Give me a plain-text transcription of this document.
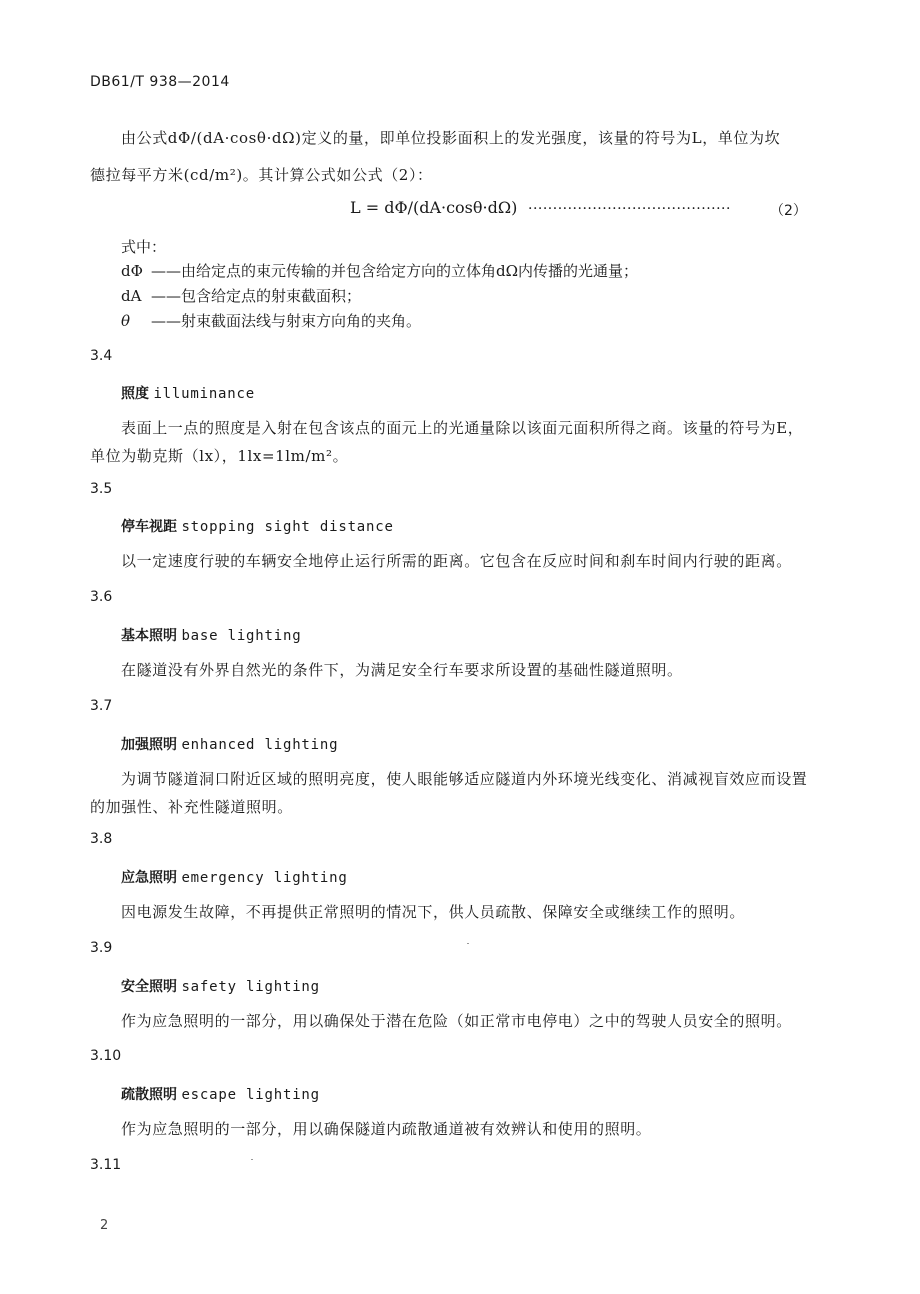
DB61/T 938—2014
由公式dΦ/(dA·cosθ·dΩ)定义的量，即单位投影面积上的发光强度，该量的符号为L，单位为坎
德拉每平方米(cd/m²)。其计算公式如公式（2）：
L = dΦ/(dA·cosθ·dΩ) ·········································	（2）
式中：
dΦ ——由给定点的束元传输的并包含给定方向的立体角dΩ内传播的光通量；
dA ——包含给定点的射束截面积；
θ ——射束截面法线与射束方向角的夹角。
3.4
照度 illuminance
表面上一点的照度是入射在包含该点的面元上的光通量除以该面元面积所得之商。该量的符号为E，单位为勒克斯（lx），1lx=1lm/m²。
3.5
停车视距 stopping sight distance
以一定速度行驶的车辆安全地停止运行所需的距离。它包含在反应时间和刹车时间内行驶的距离。
3.6
基本照明 base lighting
在隧道没有外界自然光的条件下，为满足安全行车要求所设置的基础性隧道照明。
3.7
加强照明 enhanced lighting
为调节隧道洞口附近区域的照明亮度，使人眼能够适应隧道内外环境光线变化、消减视盲效应而设置的加强性、补充性隧道照明。
3.8
应急照明 emergency lighting
因电源发生故障，不再提供正常照明的情况下，供人员疏散、保障安全或继续工作的照明。
3.9
安全照明 safety lighting
作为应急照明的一部分，用以确保处于潜在危险（如正常市电停电）之中的驾驶人员安全的照明。
3.10
疏散照明 escape lighting
作为应急照明的一部分，用以确保隧道内疏散通道被有效辨认和使用的照明。
3.11
2
